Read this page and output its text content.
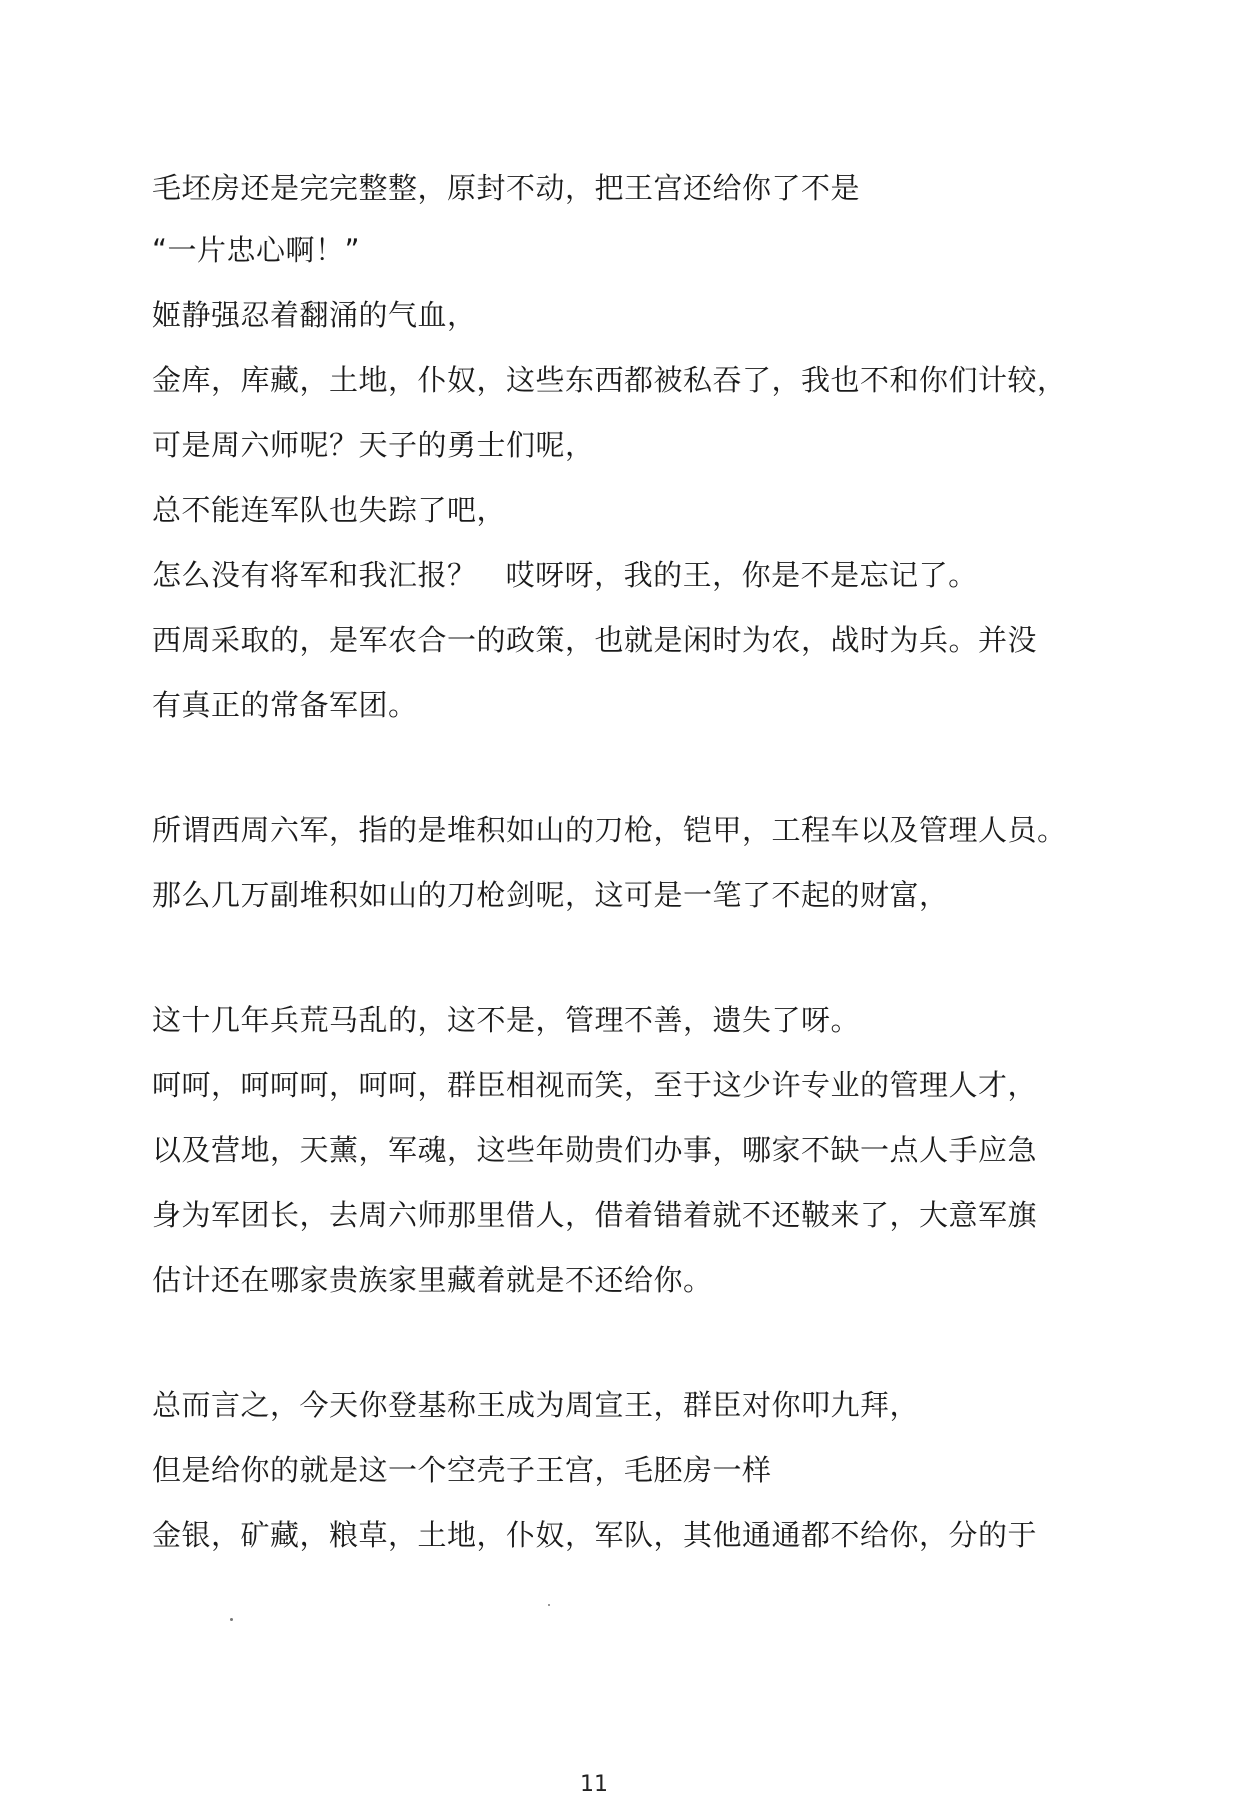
毛坯房还是完完整整，原封不动，把王宫还给你了不是
“一片忠心啊！”
姬静强忍着翻涌的气血，
金库，库藏，土地，仆奴，这些东西都被私吞了，我也不和你们计较，
可是周六师呢？天子的勇士们呢，
总不能连军队也失踪了吧，
怎么没有将军和我汇报？   哎呀呀，我的王，你是不是忘记了。
西周采取的，是军农合一的政策，也就是闲时为农，战时为兵。并没
有真正的常备军团。
所谓西周六军，指的是堆积如山的刀枪，铠甲，工程车以及管理人员。
那么几万副堆积如山的刀枪剑呢，这可是一笔了不起的财富，
这十几年兵荒马乱的，这不是，管理不善，遗失了呀。
呵呵，呵呵呵，呵呵，群臣相视而笑，至于这少许专业的管理人才，
以及营地，天薰，军魂，这些年勋贵们办事，哪家不缺一点人手应急
身为军团长，去周六师那里借人，借着错着就不还鞁来了，大意军旗
估计还在哪家贵族家里藏着就是不还给你。
总而言之，今天你登基称王成为周宣王，群臣对你叩九拜，
但是给你的就是这一个空壳子王宫，毛胚房一样
金银，矿藏，粮草，土地，仆奴，军队，其他通通都不给你，分的于
11
